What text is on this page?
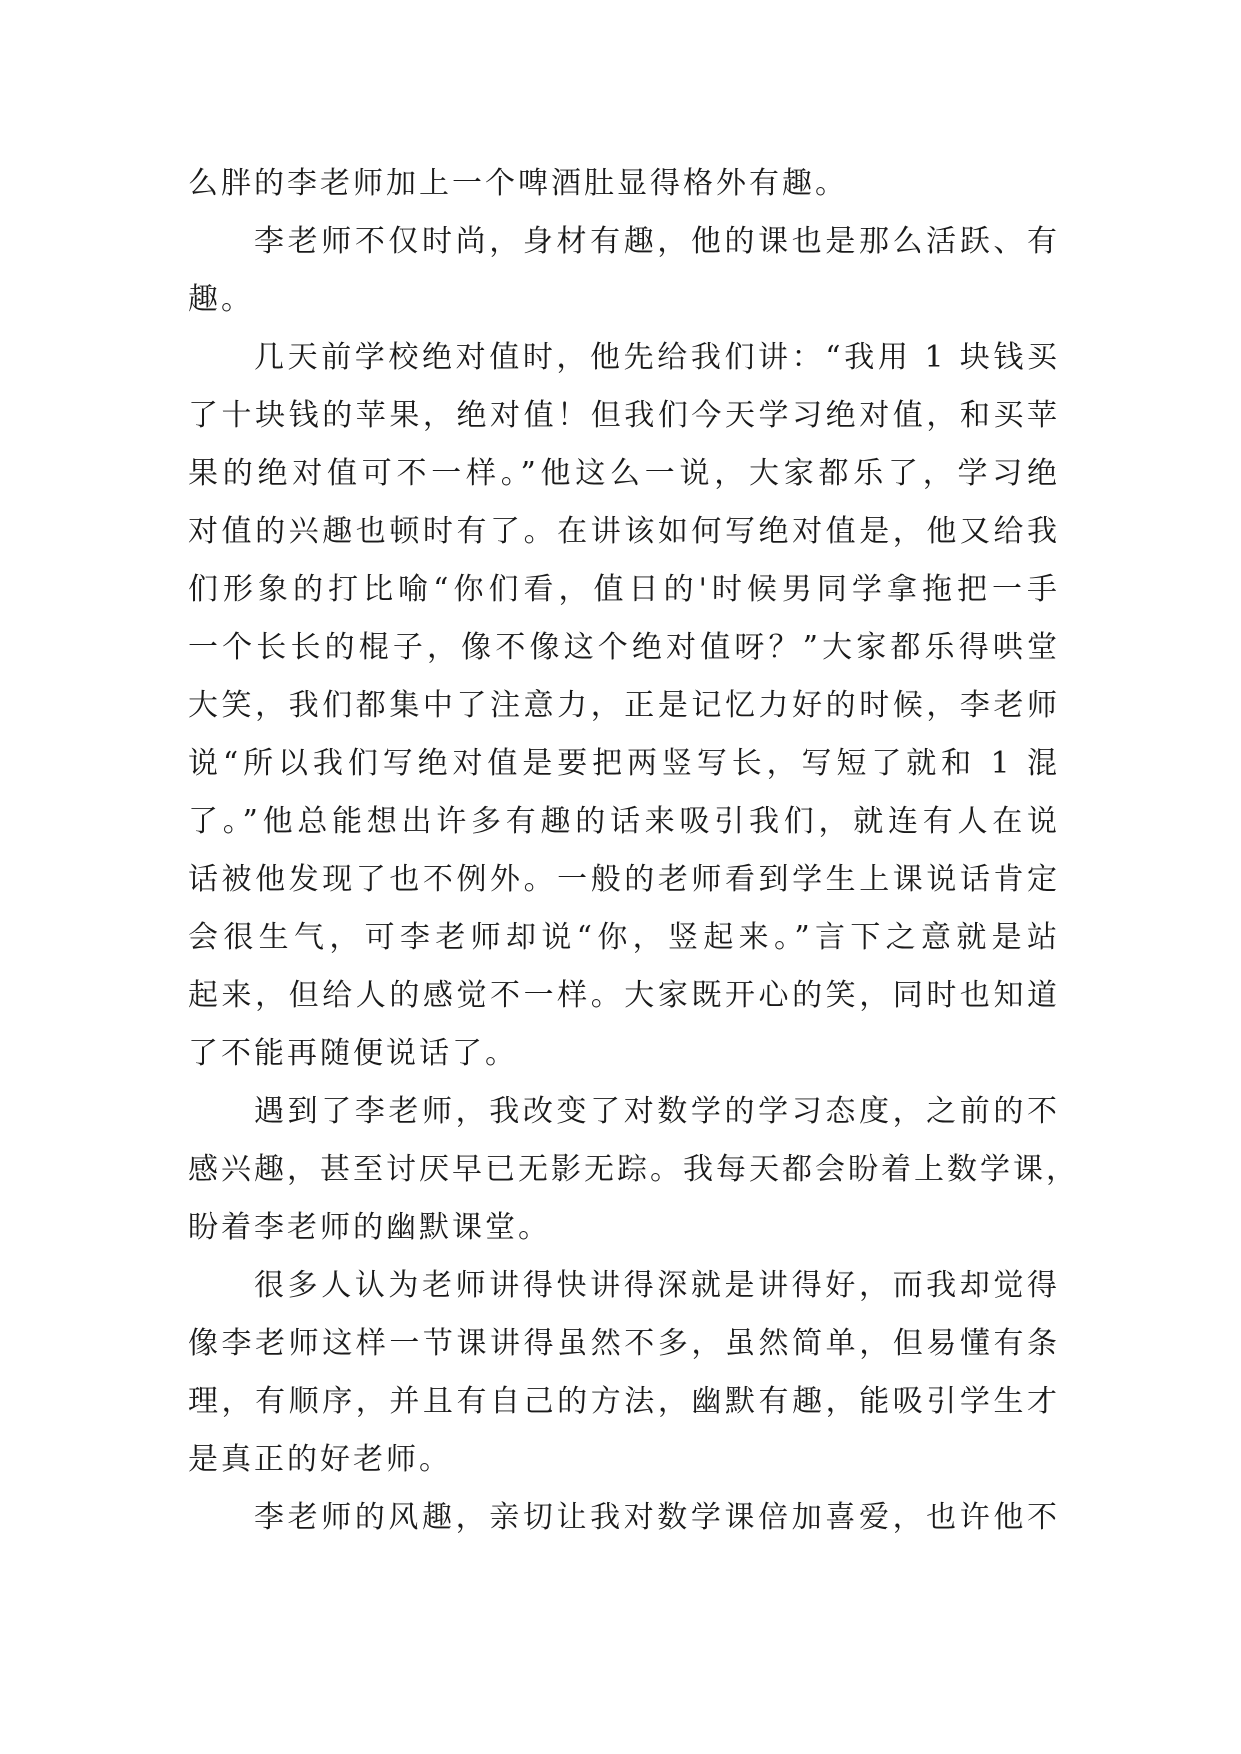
么胖的李老师加上一个啤酒肚显得格外有趣。
李老师不仅时尚，身材有趣，他的课也是那么活跃、有
趣。
几天前学校绝对值时，他先给我们讲：“我用 1 块钱买
了十块钱的苹果，绝对值！但我们今天学习绝对值，和买苹
果的绝对值可不一样。”他这么一说，大家都乐了，学习绝
对值的兴趣也顿时有了。在讲该如何写绝对值是，他又给我
们形象的打比喻“你们看，值日的'时候男同学拿拖把一手
一个长长的棍子，像不像这个绝对值呀？”大家都乐得哄堂
大笑，我们都集中了注意力，正是记忆力好的时候，李老师
说“所以我们写绝对值是要把两竖写长，写短了就和 1 混
了。”他总能想出许多有趣的话来吸引我们，就连有人在说
话被他发现了也不例外。一般的老师看到学生上课说话肯定
会很生气，可李老师却说“你，竖起来。”言下之意就是站
起来，但给人的感觉不一样。大家既开心的笑，同时也知道
了不能再随便说话了。
遇到了李老师，我改变了对数学的学习态度，之前的不
感兴趣，甚至讨厌早已无影无踪。我每天都会盼着上数学课，
盼着李老师的幽默课堂。
很多人认为老师讲得快讲得深就是讲得好，而我却觉得
像李老师这样一节课讲得虽然不多，虽然简单，但易懂有条
理，有顺序，并且有自己的方法，幽默有趣，能吸引学生才
是真正的好老师。
李老师的风趣，亲切让我对数学课倍加喜爱，也许他不
